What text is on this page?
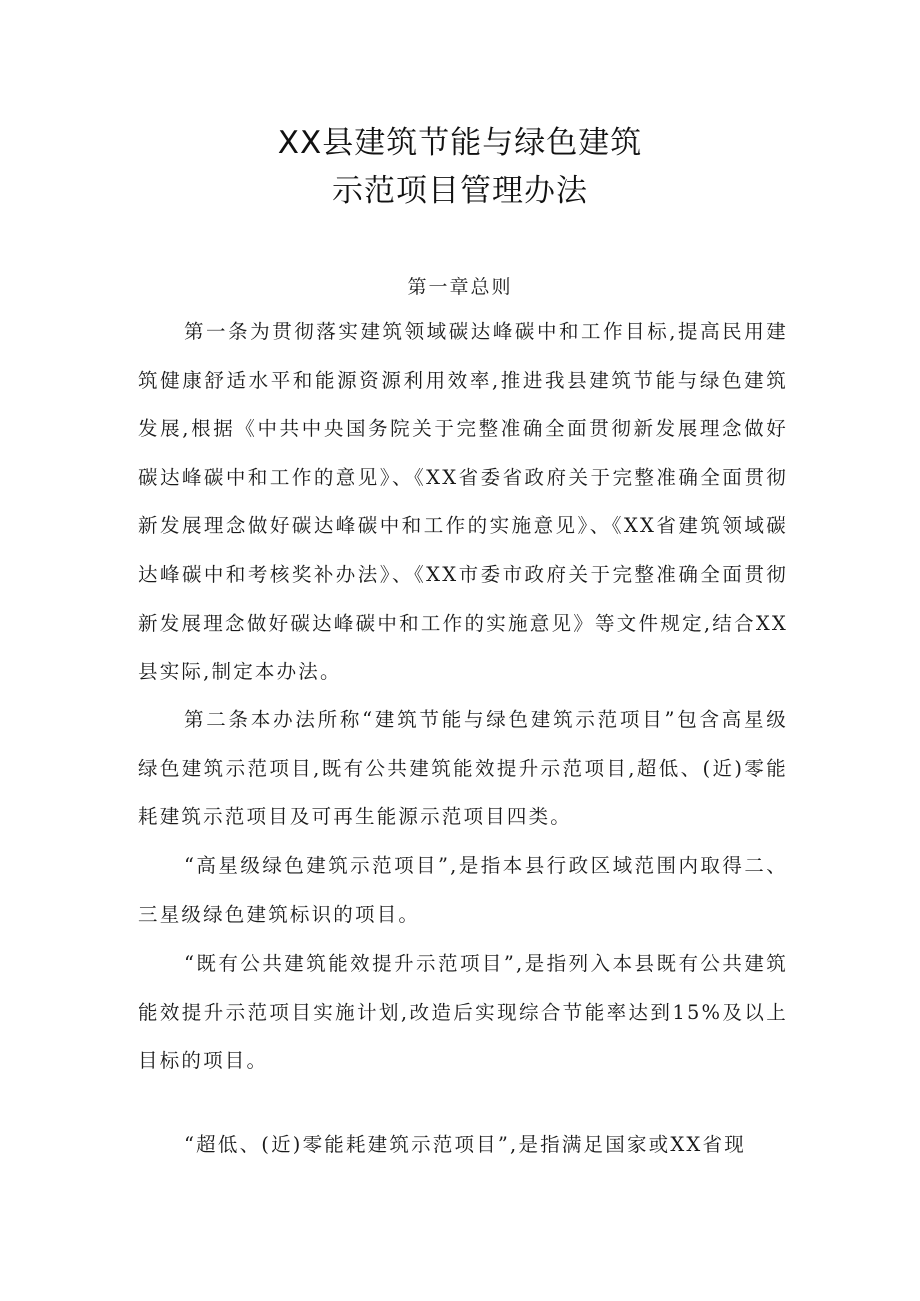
XX县建筑节能与绿色建筑
示范项目管理办法
第一章总则

第一条为贯彻落实建筑领域碳达峰碳中和工作目标,提高民用建筑健康舒适水平和能源资源利用效率,推进我县建筑节能与绿色建筑发展,根据《中共中央国务院关于完整准确全面贯彻新发展理念做好碳达峰碳中和工作的意见》、《XX省委省政府关于完整准确全面贯彻新发展理念做好碳达峰碳中和工作的实施意见》、《XX省建筑领域碳达峰碳中和考核奖补办法》、《XX市委市政府关于完整准确全面贯彻新发展理念做好碳达峰碳中和工作的实施意见》等文件规定,结合XX县实际,制定本办法。

第二条本办法所称“建筑节能与绿色建筑示范项目”包含高星级绿色建筑示范项目,既有公共建筑能效提升示范项目,超低、(近)零能耗建筑示范项目及可再生能源示范项目四类。

“高星级绿色建筑示范项目”,是指本县行政区域范围内取得二、三星级绿色建筑标识的项目。

“既有公共建筑能效提升示范项目”,是指列入本县既有公共建筑能效提升示范项目实施计划,改造后实现综合节能率达到15%及以上目标的项目。

“超低、(近)零能耗建筑示范项目”,是指满足国家或XX省现
